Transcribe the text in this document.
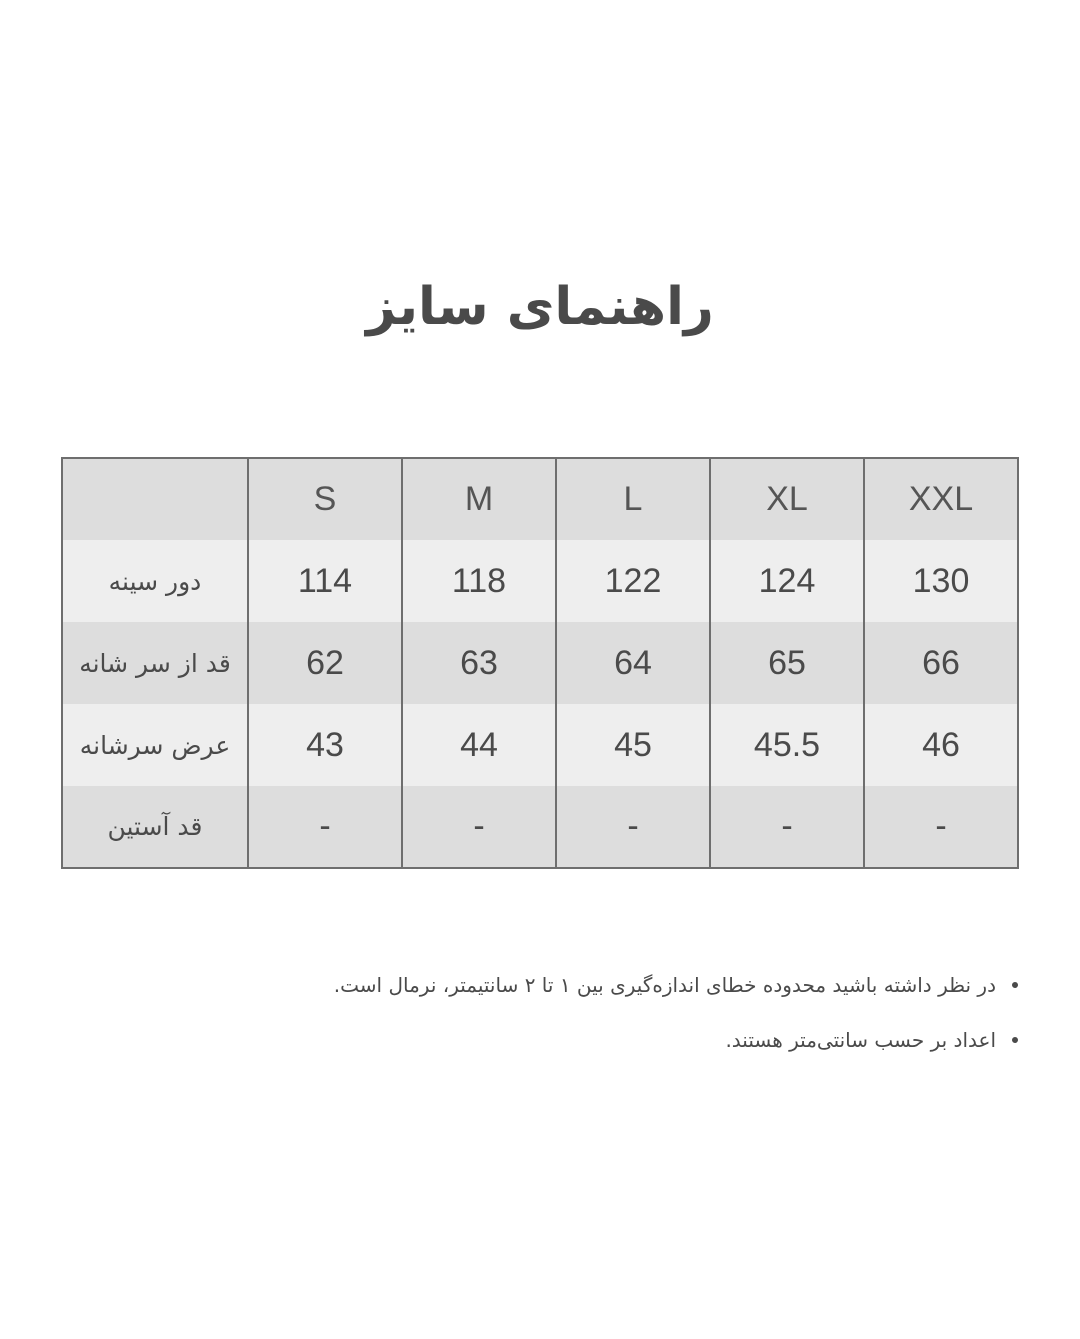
راهنمای سایز
	S	M	L	XL	XXL
دور سینه	114	118	122	124	130
قد از سر شانه	62	63	64	65	66
عرض سرشانه	43	44	45	45.5	46
قد آستین	-	-	-	-	-
در نظر داشته باشید محدوده خطای اندازه‌گیری بین ۱ تا ۲ سانتیمتر، نرمال است.
اعداد بر حسب سانتی‌متر هستند.
